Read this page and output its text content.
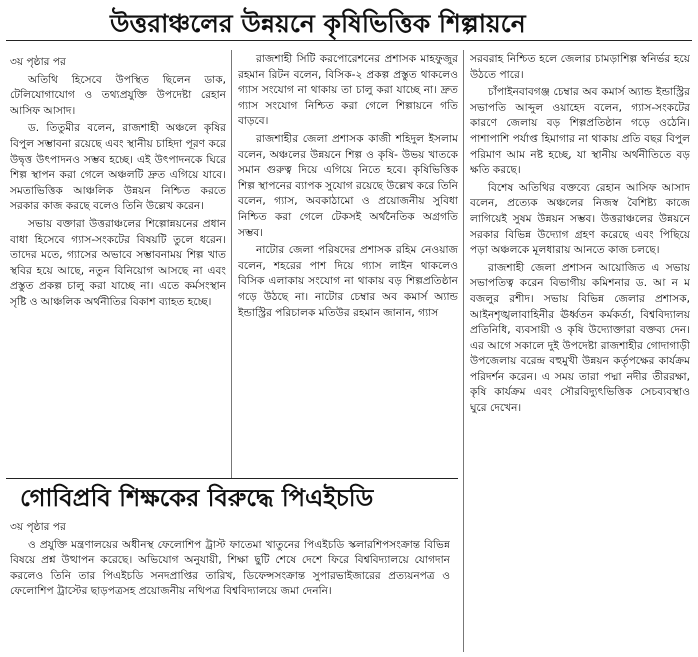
উত্তরাঞ্চলের উন্নয়নে কৃষিভিত্তিক শিল্পায়নে

৩য় পৃষ্ঠার পর

অতিথি হিসেবে উপস্থিত ছিলেন ডাক, টেলিযোগাযোগ ও তথ্যপ্রযুক্তি উপদেষ্টা রেহান আসিফ আসাদ।

ড. তিতুমীর বলেন, রাজশাহী অঞ্চলে কৃষির বিপুল সম্ভাবনা রয়েছে এবং স্থানীয় চাহিদা পূরণ করে উদ্বৃত্ত উৎপাদনও সম্ভব হচ্ছে। এই উৎপাদনকে ঘিরে শিল্প স্থাপন করা গেলে অঞ্চলটি দ্রুত এগিয়ে যাবে। সমতাভিত্তিক আঞ্চলিক উন্নয়ন নিশ্চিত করতে সরকার কাজ করছে বলেও তিনি উল্লেখ করেন।

সভায় বক্তারা উত্তরাঞ্চলের শিল্পোন্নয়নের প্রধান বাধা হিসেবে গ্যাস-সংকটের বিষয়টি তুলে ধরেন। তাদের মতে, গ্যাসের অভাবে সম্ভাবনাময় শিল্প খাত স্থবির হয়ে আছে, নতুন বিনিয়োগ আসছে না এবং প্রস্তুত প্রকল্প চালু করা যাচ্ছে না। এতে কর্মসংস্থান সৃষ্টি ও আঞ্চলিক অর্থনীতির বিকাশ ব্যাহত হচ্ছে।

রাজশাহী সিটি করপোরেশনের প্রশাসক মাহফুজুর রহমান রিটন বলেন, বিসিক-২ প্রকল্প প্রস্তুত থাকলেও গ্যাস সংযোগ না থাকায় তা চালু করা যাচ্ছে না। দ্রুত গ্যাস সংযোগ নিশ্চিত করা গেলে শিল্পায়নে গতি বাড়বে।

রাজশাহীর জেলা প্রশাসক কাজী শহিদুল ইসলাম বলেন, অঞ্চলের উন্নয়নে শিল্প ও কৃষি- উভয় খাতকে সমান গুরুত্ব দিয়ে এগিয়ে নিতে হবে। কৃষিভিত্তিক শিল্প স্থাপনের ব্যাপক সুযোগ রয়েছে উল্লেখ করে তিনি বলেন, গ্যাস, অবকাঠামো ও প্রয়োজনীয় সুবিধা নিশ্চিত করা গেলে টেকসই অর্থনৈতিক অগ্রগতি সম্ভব।

নাটোর জেলা পরিষদের প্রশাসক রহিম নেওয়াজ বলেন, শহরের পাশ দিয়ে গ্যাস লাইন থাকলেও বিসিক এলাকায় সংযোগ না থাকায় বড় শিল্পপ্রতিষ্ঠান গড়ে উঠছে না। নাটোর চেম্বার অব কমার্স অ্যান্ড ইন্ডাস্ট্রির পরিচালক মতিউর রহমান জানান, গ্যাস

সরবরাহ নিশ্চিত হলে জেলার চামড়াশিল্প স্বনির্ভর হয়ে উঠতে পারে।

চাঁপাইনবাবগঞ্জ চেম্বার অব কমার্স অ্যান্ড ইন্ডাস্ট্রির সভাপতি আব্দুল ওয়াহেদ বলেন, গ্যাস-সংকটের কারণে জেলায় বড় শিল্পপ্রতিষ্ঠান গড়ে ওঠেনি। পাশাপাশি পর্যাপ্ত হিমাগার না থাকায় প্রতি বছর বিপুল পরিমাণ আম নষ্ট হচ্ছে, যা স্থানীয় অর্থনীতিতে বড় ক্ষতি করছে।

বিশেষ অতিথির বক্তব্যে রেহান আসিফ আসাদ বলেন, প্রত্যেক অঞ্চলের নিজস্ব বৈশিষ্ট্য কাজে লাগিয়েই সুষম উন্নয়ন সম্ভব। উত্তরাঞ্চলের উন্নয়নে সরকার বিভিন্ন উদ্যোগ গ্রহণ করেছে এবং পিছিয়ে পড়া অঞ্চলকে মূলধারায় আনতে কাজ চলছে।

রাজশাহী জেলা প্রশাসন আয়োজিত এ সভায় সভাপতিত্ব করেন বিভাগীয় কমিশনার ড. আ ন ম বজলুর রশীদ। সভায় বিভিন্ন জেলার প্রশাসক, আইনশৃঙ্খলাবাহিনীর ঊর্ধ্বতন কর্মকর্তা, বিশ্ববিদ্যালয় প্রতিনিধি, ব্যবসায়ী ও কৃষি উদ্যোক্তারা বক্তব্য দেন। এর আগে সকালে দুই উপদেষ্টা রাজশাহীর গোদাগাড়ী উপজেলায় বরেন্দ্র বহুমুখী উন্নয়ন কর্তৃপক্ষের কার্যক্রম পরিদর্শন করেন। এ সময় তারা পদ্মা নদীর তীররক্ষা, কৃষি কার্যক্রম এবং সৌরবিদ্যুৎভিত্তিক সেচব্যবস্থাও ঘুরে দেখেন।

গোবিপ্রবি শিক্ষকের বিরুদ্ধে পিএইচডি

৩য় পৃষ্ঠার পর

ও প্রযুক্তি মন্ত্রণালয়ের অধীনস্থ ফেলোশিপ ট্রাস্ট ফাতেমা খাতুনের পিএইচডি স্কলারশিপসংক্রান্ত বিভিন্ন বিষয়ে প্রশ্ন উত্থাপন করেছে। অভিযোগ অনুযায়ী, শিক্ষা ছুটি শেষে দেশে ফিরে বিশ্ববিদ্যালয়ে যোগদান করলেও তিনি তার পিএইচডি সনদপ্রাপ্তির তারিখ, ডিফেন্সসংক্রান্ত সুপারভাইজারের প্রত্যয়নপত্র ও ফেলোশিপ ট্রাস্টের ছাড়পত্রসহ প্রয়োজনীয় নথিপত্র বিশ্ববিদ্যালয়ে জমা দেননি।
